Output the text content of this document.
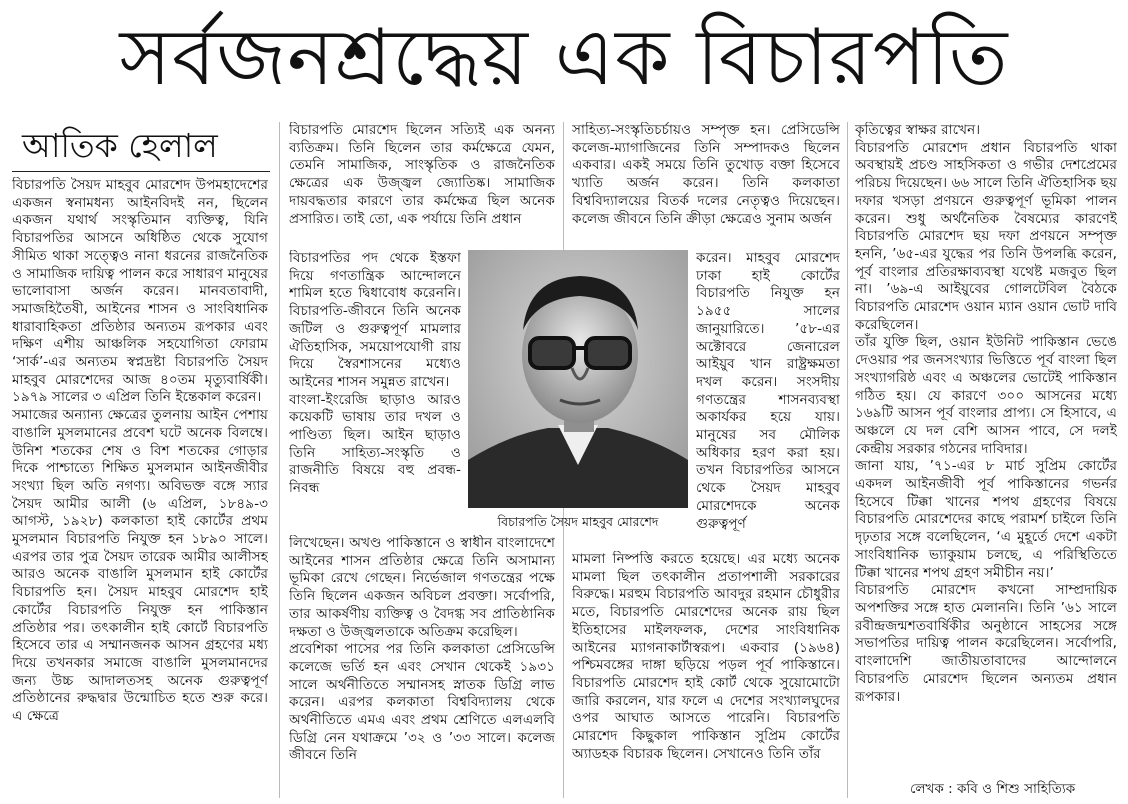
সর্বজনশ্রদ্ধেয় এক বিচারপতি
আতিক হেলাল
বিচারপতি সৈয়দ মাহবুব মোরশেদ উপমহাদেশের একজন স্বনামধন্য আইনবিদই নন, ছিলেন একজন যথার্থ সংস্কৃতিমান ব্যক্তিত্ব, যিনি বিচারপতির আসনে অধিষ্ঠিত থেকে সুযোগ সীমিত থাকা সত্ত্বেও নানা ধরনের রাজনৈতিক ও সামাজিক দায়িত্ব পালন করে সাধারণ মানুষের ভালোবাসা অর্জন করেন। মানবতাবাদী, সমাজহিতৈষী, আইনের শাসন ও সাংবিধানিক ধারাবাহিকতা প্রতিষ্ঠার অন্যতম রূপকার এবং দক্ষিণ এশীয় আঞ্চলিক সহযোগিতা ফোরাম ‘সার্ক’-এর অন্যতম স্বপ্নদ্রষ্টা বিচারপতি সৈয়দ মাহবুব মোরশেদের আজ ৪০তম মৃত্যুবার্ষিকী। ১৯৭৯ সালের ৩ এপ্রিল তিনি ইন্তেকাল করেন।
সমাজের অন্যান্য ক্ষেত্রের তুলনায় আইন পেশায় বাঙালি মুসলমানের প্রবেশ ঘটে অনেক বিলম্বে। উনিশ শতকের শেষ ও বিশ শতকের গোড়ার দিকে পাশ্চাত্যে শিক্ষিত মুসলমান আইনজীবীর সংখ্যা ছিল অতি নগণ্য। অবিভক্ত বঙ্গে স্যার সৈয়দ আমীর আলী (৬ এপ্রিল, ১৮৪৯-৩ আগস্ট, ১৯২৮) কলকাতা হাই কোর্টের প্রথম মুসলমান বিচারপতি নিযুক্ত হন ১৮৯০ সালে। এরপর তার পুত্র সৈয়দ তারেক আমীর আলীসহ আরও অনেক বাঙালি মুসলমান হাই কোর্টের বিচারপতি হন। সৈয়দ মাহবুব মোরশেদ হাই কোর্টের বিচারপতি নিযুক্ত হন পাকিস্তান প্রতিষ্ঠার পর। তৎকালীন হাই কোর্টে বিচারপতি হিসেবে তার এ সম্মানজনক আসন গ্রহণের মধ্য দিয়ে তখনকার সমাজে বাঙালি মুসলমানদের জন্য উচ্চ আদালতসহ অনেক গুরুত্বপূর্ণ প্রতিষ্ঠানের রুদ্ধদ্বার উন্মোচিত হতে শুরু করে। এ ক্ষেত্রে
বিচারপতি মোরশেদ ছিলেন সত্যিই এক অনন্য ব্যতিক্রম। তিনি ছিলেন তার কর্মক্ষেত্রে যেমন, তেমনি সামাজিক, সাংস্কৃতিক ও রাজনৈতিক ক্ষেত্রের এক উজ্জ্বল জ্যোতিষ্ক। সামাজিক দায়বদ্ধতার কারণে তার কর্মক্ষেত্র ছিল অনেক প্রসারিত। তাই তো, এক পর্যায়ে তিনি প্রধান
বিচারপতির পদ থেকে ইস্তফা দিয়ে গণতান্ত্রিক আন্দোলনে শামিল হতে দ্বিধাবোধ করেননি। বিচারপতি-জীবনে তিনি অনেক জটিল ও গুরুত্বপূর্ণ মামলার ঐতিহাসিক, সময়োপযোগী রায় দিয়ে স্বৈরশাসনের মধ্যেও আইনের শাসন সমুন্নত রাখেন।
বাংলা-ইংরেজি ছাড়াও আরও কয়েকটি ভাষায় তার দখল ও পাণ্ডিত্য ছিল। আইন ছাড়াও তিনি সাহিত্য-সংস্কৃতি ও রাজনীতি বিষয়ে বহু প্রবন্ধ-নিবন্ধ
লিখেছেন। অখণ্ড পাকিস্তানে ও স্বাধীন বাংলাদেশে আইনের শাসন প্রতিষ্ঠার ক্ষেত্রে তিনি অসামান্য ভূমিকা রেখে গেছেন। নির্ভেজাল গণতন্ত্রের পক্ষে তিনি ছিলেন একজন অবিচল প্রবক্তা। সর্বোপরি, তার আকর্ষণীয় ব্যক্তিত্ব ও বৈদগ্ধ সব প্রাতিষ্ঠানিক দক্ষতা ও উজ্জ্বলতাকে অতিক্রম করেছিল।
প্রবেশিকা পাসের পর তিনি কলকাতা প্রেসিডেন্সি কলেজে ভর্তি হন এবং সেখান থেকেই ১৯৩১ সালে অর্থনীতিতে সম্মানসহ স্নাতক ডিগ্রি লাভ করেন। এরপর কলকাতা বিশ্ববিদ্যালয় থেকে অর্থনীতিতে এমএ এবং প্রথম শ্রেণিতে এলএলবি ডিগ্রি নেন যথাক্রমে ’৩২ ও ’৩৩ সালে। কলেজ জীবনে তিনি
সাহিত্য-সংস্কৃতিচর্চায়ও সম্পৃক্ত হন। প্রেসিডেন্সি কলেজ-ম্যাগাজিনের তিনি সম্পাদকও ছিলেন একবার। একই সময়ে তিনি তুখোড় বক্তা হিসেবে খ্যাতি অর্জন করেন। তিনি কলকাতা বিশ্ববিদ্যালয়ের বিতর্ক দলের নেতৃত্বও দিয়েছেন। কলেজ জীবনে তিনি ক্রীড়া ক্ষেত্রেও সুনাম অর্জন
করেন। মাহবুব মোরশেদ ঢাকা হাই কোর্টের বিচারপতি নিযুক্ত হন ১৯৫৫ সালের জানুয়ারিতে। ’৫৮-এর অক্টোবরে জেনারেল আইয়ুব খান রাষ্ট্রক্ষমতা দখল করেন। সংসদীয় গণতন্ত্রের শাসনব্যবস্থা অকার্যকর হয়ে যায়। মানুষের সব মৌলিক অধিকার হরণ করা হয়। তখন বিচারপতির আসনে থেকে সৈয়দ মাহবুব মোরশেদকে অনেক গুরুত্বপূর্ণ
মামলা নিষ্পত্তি করতে হয়েছে। এর মধ্যে অনেক মামলা ছিল তৎকালীন প্রতাপশালী সরকারের বিরুদ্ধে। মরহুম বিচারপতি আবদুর রহমান চৌধুরীর মতে, বিচারপতি মোরশেদের অনেক রায় ছিল ইতিহাসের মাইলফলক, দেশের সাংবিধানিক আইনের ম্যাগনাকার্টাস্বরূপ। একবার (১৯৬৪) পশ্চিমবঙ্গের দাঙ্গা ছড়িয়ে পড়ল পূর্ব পাকিস্তানে। বিচারপতি মোরশেদ হাই কোর্ট থেকে সুয়োমোটো জারি করলেন, যার ফলে এ দেশের সংখ্যালঘুদের ওপর আঘাত আসতে পারেনি। বিচারপতি মোরশেদ কিছুকাল পাকিস্তান সুপ্রিম কোর্টের অ্যাডহক বিচারক ছিলেন। সেখানেও তিনি তাঁর
কৃতিত্বের স্বাক্ষর রাখেন।
বিচারপতি মোরশেদ প্রধান বিচারপতি থাকা অবস্থায়ই প্রচণ্ড সাহসিকতা ও গভীর দেশপ্রেমের পরিচয় দিয়েছেন। ৬৬ সালে তিনি ঐতিহাসিক ছয় দফার খসড়া প্রণয়নে গুরুত্বপূর্ণ ভূমিকা পালন করেন। শুধু অর্থনৈতিক বৈষম্যের কারণেই বিচারপতি মোরশেদ ছয় দফা প্রণয়নে সম্পৃক্ত হননি, ’৬৫-এর যুদ্ধের পর তিনি উপলব্ধি করেন, পূর্ব বাংলার প্রতিরক্ষাব্যবস্থা যথেষ্ট মজবুত ছিল না। ’৬৯-এ আইয়ুবের গোলটেবিল বৈঠকে বিচারপতি মোরশেদ ওয়ান ম্যান ওয়ান ভোট দাবি করেছিলেন।
তাঁর যুক্তি ছিল, ওয়ান ইউনিট পাকিস্তান ভেঙে দেওয়ার পর জনসংখ্যার ভিত্তিতে পূর্ব বাংলা ছিল সংখ্যাগরিষ্ঠ এবং এ অঞ্চলের ভোটেই পাকিস্তান গঠিত হয়। যে কারণে ৩০০ আসনের মধ্যে ১৬৯টি আসন পূর্ব বাংলার প্রাপ্য। সে হিসাবে, এ অঞ্চলে যে দল বেশি আসন পাবে, সে দলই কেন্দ্রীয় সরকার গঠনের দাবিদার।
জানা যায়, ’৭১-এর ৮ মার্চ সুপ্রিম কোর্টের একদল আইনজীবী পূর্ব পাকিস্তানের গভর্নর হিসেবে টিক্কা খানের শপথ গ্রহণের বিষয়ে বিচারপতি মোরশেদের কাছে পরামর্শ চাইলে তিনি দৃঢ়তার সঙ্গে বলেছিলেন, ‘এ মুহূর্তে দেশে একটা সাংবিধানিক ভ্যাকুয়াম চলছে, এ পরিস্থিতিতে টিক্কা খানের শপথ গ্রহণ সমীচীন নয়।’
বিচারপতি মোরশেদ কখনো সাম্প্রদায়িক অপশক্তির সঙ্গে হাত মেলাননি। তিনি ’৬১ সালে রবীন্দ্রজন্মশতবার্ষিকীর অনুষ্ঠানে সাহসের সঙ্গে সভাপতির দায়িত্ব পালন করেছিলেন। সর্বোপরি, বাংলাদেশি জাতীয়তাবাদের আন্দোলনে বিচারপতি মোরশেদ ছিলেন অন্যতম প্রধান রূপকার।
বিচারপতি সৈয়দ মাহবুব মোরশেদ
লেখক : কবি ও শিশু সাহিত্যিক
